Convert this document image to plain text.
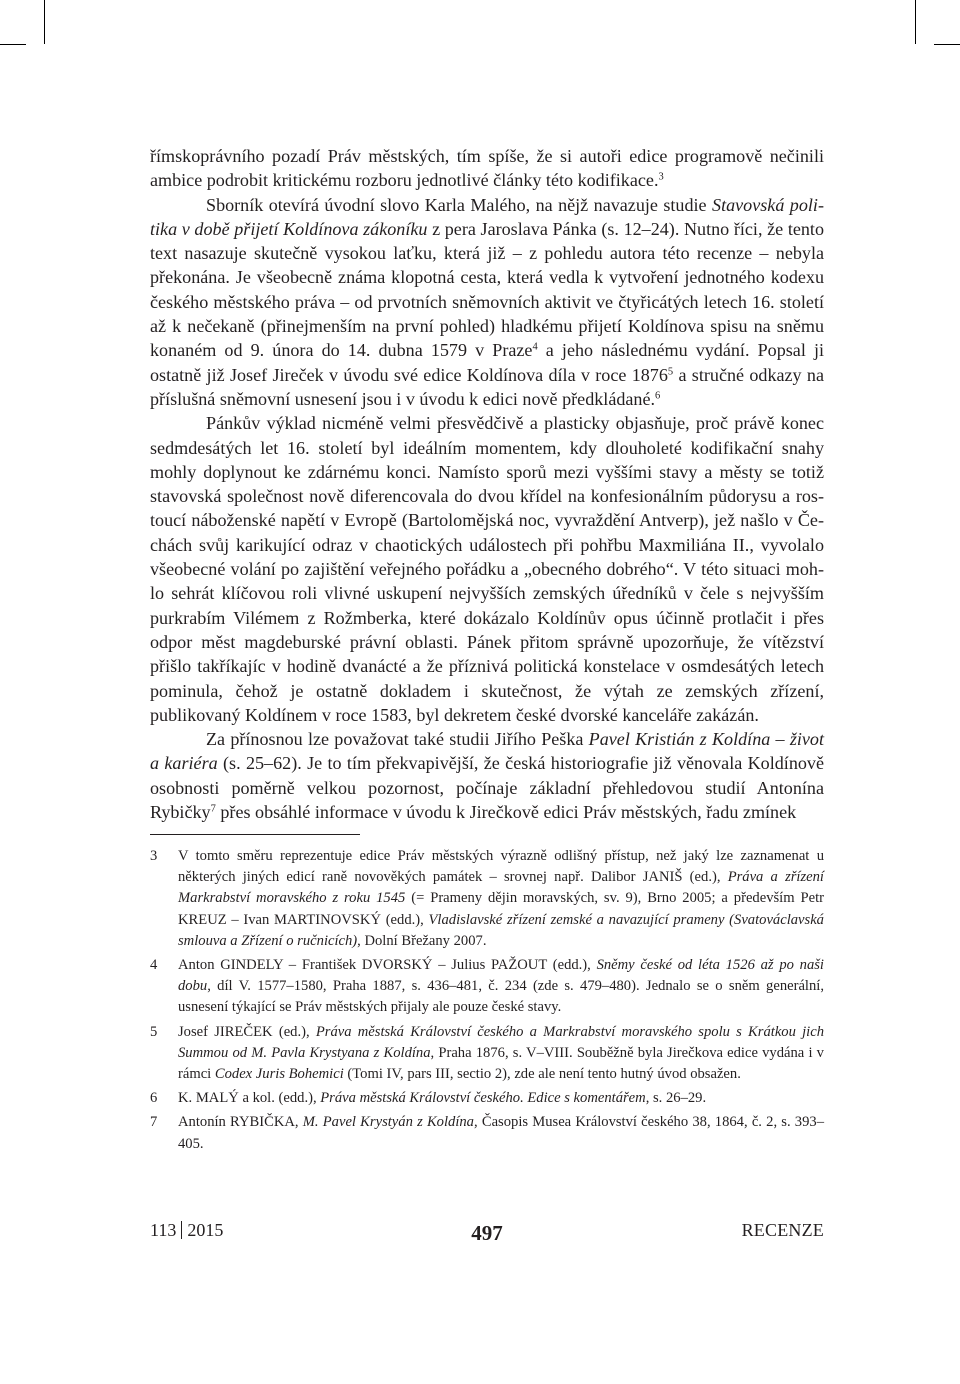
římskoprávního pozadí Práv městských, tím spíše, že si autoři edice programově nečinili ambice podrobit kritickému rozboru jednotlivé články této kodifikace.$^3$

Sborník otevírá úvodní slovo Karla Malého, na nějž navazuje studie Stavovská politika v době přijetí Koldínova zákoníku z pera Jaroslava Pánka (s. 12–24). Nutno říci, že tento text nasazuje skutečně vysokou laťku, která již – z pohledu autora této recenze – nebyla překonána. Je všeobecně známa klopotná cesta, která vedla k vytvoření jednotného kodexu českého městského práva – od prvotních sněmovních aktivit ve čtyřicátých letech 16. století až k nečekaně (přinejmenším na první pohled) hladkému přijetí Koldínova spisu na sněmu konaném od 9. února do 14. dubna 1579 v Praze$^4$ a jeho následnému vydání. Popsal ji ostatně již Josef Jireček v úvodu své edice Koldínova díla v roce 1876$^5$ a stručné odkazy na příslušná sněmovní usnesení jsou i v úvodu k edici nově předkládané.$^6$

Pánkův výklad nicméně velmi přesvědčivě a plasticky objasňuje, proč právě konec sedmdesátých let 16. století byl ideálním momentem, kdy dlouholeté kodifikační snahy mohly doplynout ke zdárnému konci. Namísto sporů mezi vyššími stavy a městy se totiž stavovská společnost nově diferencovala do dvou křídel na konfesionálním půdorysu a rostoucí náboženské napětí v Evropě (Bartolomějská noc, vyvraždění Antverp), jež našlo v Čechách svůj karikující odraz v chaotických událostech při pohřbu Maxmiliána II., vyvolalo všeobecné volání po zajištění veřejného pořádku a „obecného dobrého“. V této situaci mohlo sehrát klíčovou roli vlivné uskupení nejvyšších zemských úředníků v čele s nejvyšším purkrabím Vilémem z Rožmberka, které dokázalo Koldínův opus účinně protlačit i přes odpor měst magdeburské právní oblasti. Pánek přitom správně upozorňuje, že vítězství přišlo takříkajíc v hodině dvanácté a že příznivá politická konstelace v osmdesátých letech pominula, čehož je ostatně dokladem i skutečnost, že výtah ze zemských zřízení, publikovaný Koldínem v roce 1583, byl dekretem české dvorské kanceláře zakázán.

Za přínosnou lze považovat také studii Jiřího Peška Pavel Kristián z Koldína – život a kariéra (s. 25–62). Je to tím překvapivější, že česká historiografie již věnovala Koldínově osobnosti poměrně velkou pozornost, počínaje základní přehledovou studií Antonína Rybičky$^7$ přes obsáhlé informace v úvodu k Jirečkově edici Práv městských, řadu zmínek

3 V tomto směru reprezentuje edice Práv městských výrazně odlišný přístup, než jaký lze zaznamenat u některých jiných edicí raně novověkých památek – srovnej např. Dalibor JANIŠ (ed.), Práva a zřízení Markrabství moravského z roku 1545 (= Prameny dějin moravských, sv. 9), Brno 2005; a především Petr KREUZ – Ivan MARTINOVSKÝ (edd.), Vladislavské zřízení zemské a navazující prameny (Svatováclavská smlouva a Zřízení o ručnicích), Dolní Břežany 2007.
4 Anton GINDELY – František DVORSKÝ – Julius PAŽOUT (edd.), Sněmy české od léta 1526 až po naši dobu, díl V. 1577–1580, Praha 1887, s. 436–481, č. 234 (zde s. 479–480). Jednalo se o sněm generální, usnesení týkající se Práv městských přijaly ale pouze české stavy.
5 Josef JIREČEK (ed.), Práva městská Království českého a Markrabství moravského spolu s Krátkou jich Summou od M. Pavla Krystyana z Koldína, Praha 1876, s. V–VIII. Souběžně byla Jirečkova edice vydána i v rámci Codex Juris Bohemici (Tomi IV, pars III, sectio 2), zde ale není tento hutný úvod obsažen.
6 K. MALÝ a kol. (edd.), Práva městská Království českého. Edice s komentářem, s. 26–29.
7 Antonín RYBIČKA, M. Pavel Krystyán z Koldína, Časopis Musea Království českého 38, 1864, č. 2, s. 393–405.
113 2015	497	RECENZE
